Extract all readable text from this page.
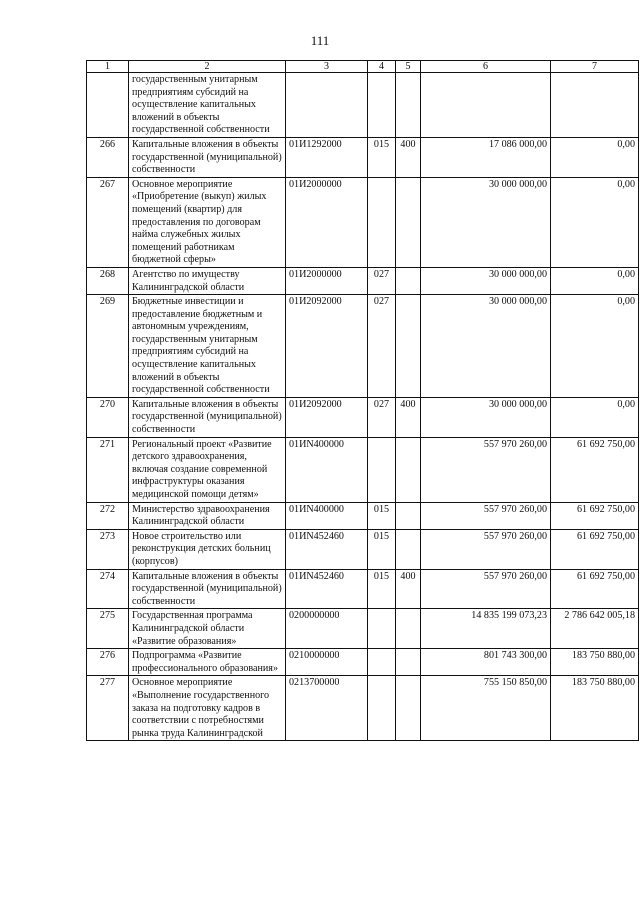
111
1	2	3	4	5	6	7
	государственным унитарным предприятиям субсидий на осуществление капитальных вложений в объекты государственной собственности					
266	Капитальные вложения в объекты государственной (муниципальной) собственности	01И1292000	015	400	17 086 000,00	0,00
267	Основное мероприятие «Приобретение (выкуп) жилых помещений (квартир) для предоставления по договорам найма служебных жилых помещений работникам бюджетной сферы»	01И2000000			30 000 000,00	0,00
268	Агентство по имуществу Калининградской области	01И2000000	027		30 000 000,00	0,00
269	Бюджетные инвестиции и предоставление бюджетным и автономным учреждениям, государственным унитарным предприятиям субсидий на осуществление капитальных вложений в объекты государственной собственности	01И2092000	027		30 000 000,00	0,00
270	Капитальные вложения в объекты государственной (муниципальной) собственности	01И2092000	027	400	30 000 000,00	0,00
271	Региональный проект «Развитие детского здравоохранения, включая создание современной инфраструктуры оказания медицинской помощи детям»	01ИN400000			557 970 260,00	61 692 750,00
272	Министерство здравоохранения Калининградской области	01ИN400000	015		557 970 260,00	61 692 750,00
273	Новое строительство или реконструкция детских больниц (корпусов)	01ИN452460	015		557 970 260,00	61 692 750,00
274	Капитальные вложения в объекты государственной (муниципальной) собственности	01ИN452460	015	400	557 970 260,00	61 692 750,00
275	Государственная программа Калининградской области «Развитие образования»	0200000000			14 835 199 073,23	2 786 642 005,18
276	Подпрограмма «Развитие профессионального образования»	0210000000			801 743 300,00	183 750 880,00
277	Основное мероприятие «Выполнение государственного заказа на подготовку кадров в соответствии с потребностями рынка труда Калининградской	0213700000			755 150 850,00	183 750 880,00
